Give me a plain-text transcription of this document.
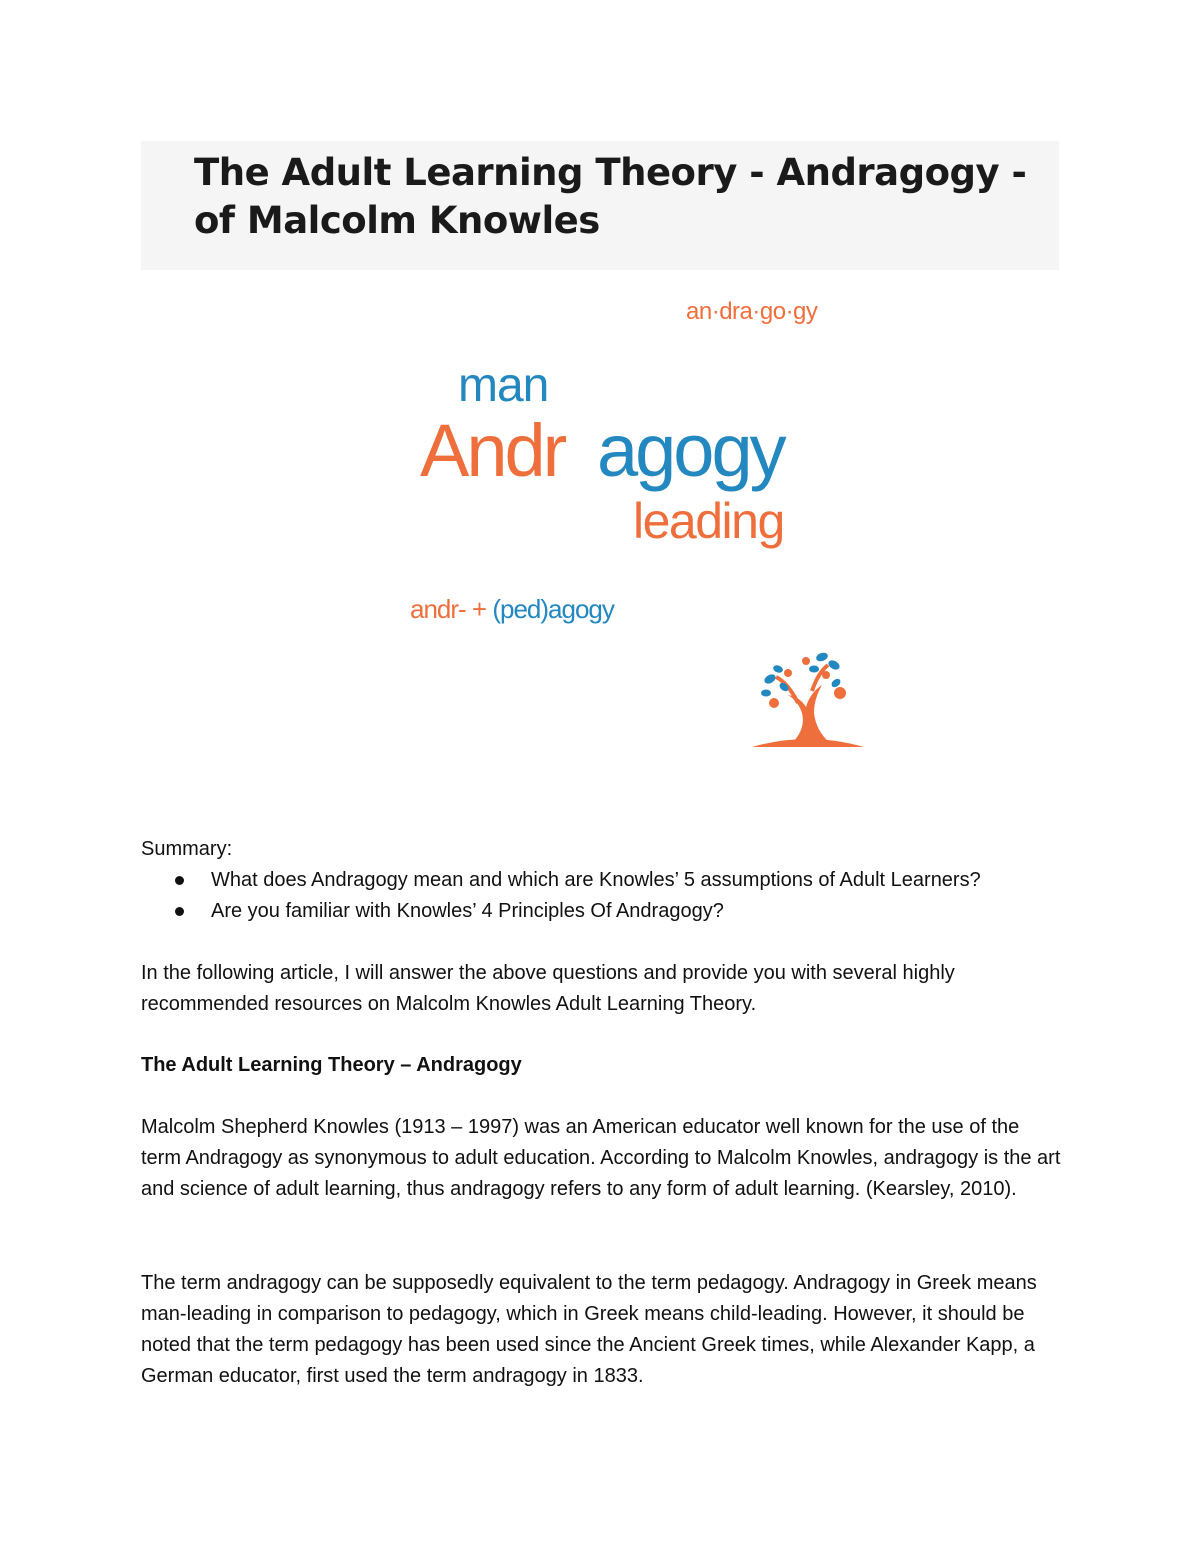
The Adult Learning Theory - Andragogy - of Malcolm Knowles
an·dra·go·gy
man
Andr agogy
leading
andr- + (ped)agogy
Summary:
What does Andragogy mean and which are Knowles’ 5 assumptions of Adult Learners?
Are you familiar with Knowles’ 4 Principles Of Andragogy?
In the following article, I will answer the above questions and provide you with several highly recommended resources on Malcolm Knowles Adult Learning Theory.
The Adult Learning Theory – Andragogy
Malcolm Shepherd Knowles (1913 – 1997) was an American educator well known for the use of the term Andragogy as synonymous to adult education. According to Malcolm Knowles, andragogy is the art and science of adult learning, thus andragogy refers to any form of adult learning. (Kearsley, 2010).
The term andragogy can be supposedly equivalent to the term pedagogy. Andragogy in Greek means man-leading in comparison to pedagogy, which in Greek means child-leading. However, it should be noted that the term pedagogy has been used since the Ancient Greek times, while Alexander Kapp, a German educator, first used the term andragogy in 1833.
